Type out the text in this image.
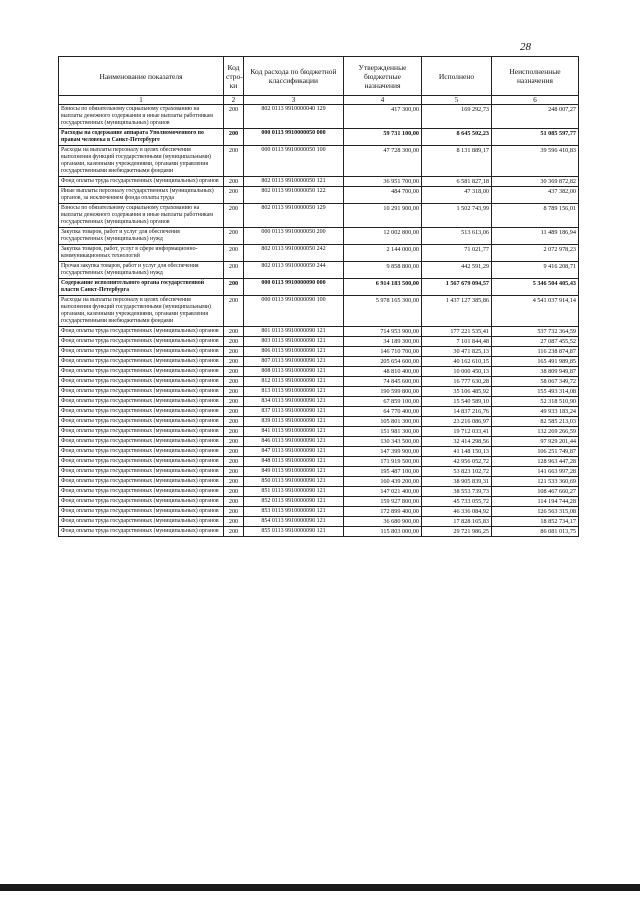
28
Наименование показателя	Код стро-ки	Код расхода по бюджетной классификации	Утвержденные бюджетные назначения	Исполнено	Неисполненные назначения
1	2	3	4	5	6
Взносы по обязательному социальному страхованию на выплаты денежного содержания и иные выплаты работникам государственных (муниципальных) органов	200	802 0113 9910000040 129	417 300,00	169 292,73	248 007,27
Расходы на содержание аппарата Уполномоченного по правам человека в Санкт-Петербурге	200	000 0113 9910000050 000	59 731 100,00	8 645 502,23	51 085 597,77
Расходы на выплаты персоналу в целях обеспечения выполнения функций государственными (муниципальными) органами, казенными учреждениями, органами управления государственными внебюджетными фондами	200	000 0113 9910000050 100	47 728 300,00	8 131 889,17	39 596 410,83
Фонд оплаты труда государственных (муниципальных) органов	200	802 0113 9910000050 121	36 951 700,00	6 581 827,18	30 369 872,82
Иные выплаты персоналу государственных (муниципальных) органов, за исключением фонда оплаты труда	200	802 0113 9910000050 122	484 700,00	47 318,00	437 382,00
Взносы по обязательному социальному страхованию на выплаты денежного содержания и иные выплаты работникам государственных (муниципальных) органов	200	802 0113 9910000050 129	10 291 900,00	1 502 743,99	8 789 156,01
Закупка товаров, работ и услуг для обеспечения государственных (муниципальных) нужд	200	000 0113 9910000050 200	12 002 800,00	513 613,06	11 489 186,94
Закупка товаров, работ, услуг в сфере информационно-коммуникационных технологий	200	802 0113 9910000050 242	2 144 000,00	71 021,77	2 072 978,23
Прочая закупка товаров, работ и услуг для обеспечения государственных (муниципальных) нужд	200	802 0113 9910000050 244	9 858 800,00	442 591,29	9 416 208,71
Содержание исполнительного органа государственной власти Санкт-Петербурга	200	000 0113 9910000090 000	6 914 183 500,00	1 567 679 094,57	5 346 504 405,43
Расходы на выплаты персоналу в целях обеспечения выполнения функций государственными (муниципальными) органами, казенными учреждениями, органами управления государственными внебюджетными фондами	200	000 0113 9910000090 100	5 978 165 300,00	1 437 127 385,86	4 541 037 914,14
Фонд оплаты труда государственных (муниципальных) органов	200	801 0113 9910000090 121	714 953 900,00	177 221 535,41	537 732 364,59
Фонд оплаты труда государственных (муниципальных) органов	200	803 0113 9910000090 121	34 189 300,00	7 101 844,48	27 087 455,52
Фонд оплаты труда государственных (муниципальных) органов	200	806 0113 9910000090 121	146 710 700,00	30 471 825,13	116 238 874,87
Фонд оплаты труда государственных (муниципальных) органов	200	807 0113 9910000090 121	205 654 600,00	40 162 610,15	165 491 989,85
Фонд оплаты труда государственных (муниципальных) органов	200	808 0113 9910000090 121	48 810 400,00	10 000 450,13	38 809 949,87
Фонд оплаты труда государственных (муниципальных) органов	200	812 0113 9910000090 121	74 845 600,00	16 777 630,28	58 067 349,72
Фонд оплаты труда государственных (муниципальных) органов	200	813 0113 9910000090 121	190 599 800,00	35 106 485,92	155 493 314,08
Фонд оплаты труда государственных (муниципальных) органов	200	834 0113 9910000090 121	67 859 100,00	15 540 589,10	52 318 510,90
Фонд оплаты труда государственных (муниципальных) органов	200	837 0113 9910000090 121	64 770 400,00	14 837 216,76	49 933 183,24
Фонд оплаты труда государственных (муниципальных) органов	200	839 0113 9910000090 121	105 801 300,00	23 216 086,97	82 585 213,03
Фонд оплаты труда государственных (муниципальных) органов	200	841 0113 9910000090 121	151 981 300,00	19 712 033,41	132 269 266,59
Фонд оплаты труда государственных (муниципальных) органов	200	846 0113 9910000090 121	130 343 500,00	32 414 298,56	97 929 201,44
Фонд оплаты труда государственных (муниципальных) органов	200	847 0113 9910000090 121	147 399 900,00	41 148 150,13	106 251 749,87
Фонд оплаты труда государственных (муниципальных) органов	200	848 0113 9910000090 121	171 919 500,00	42 956 052,72	128 963 447,28
Фонд оплаты труда государственных (муниципальных) органов	200	849 0113 9910000090 121	195 487 100,00	53 823 102,72	141 663 997,28
Фонд оплаты труда государственных (муниципальных) органов	200	850 0113 9910000090 121	160 439 200,00	38 905 839,31	121 533 360,69
Фонд оплаты труда государственных (муниципальных) органов	200	851 0113 9910000090 121	147 021 400,00	38 553 739,73	108 467 660,27
Фонд оплаты труда государственных (муниципальных) органов	200	852 0113 9910000090 121	159 927 800,00	45 733 055,72	114 194 744,28
Фонд оплаты труда государственных (муниципальных) органов	200	853 0113 9910000090 121	172 899 400,00	46 336 084,92	126 563 315,08
Фонд оплаты труда государственных (муниципальных) органов	200	854 0113 9910000090 121	36 680 900,00	17 828 165,83	18 852 734,17
Фонд оплаты труда государственных (муниципальных) органов	200	855 0113 9910000090 121	115 803 000,00	29 721 986,25	86 081 013,75
